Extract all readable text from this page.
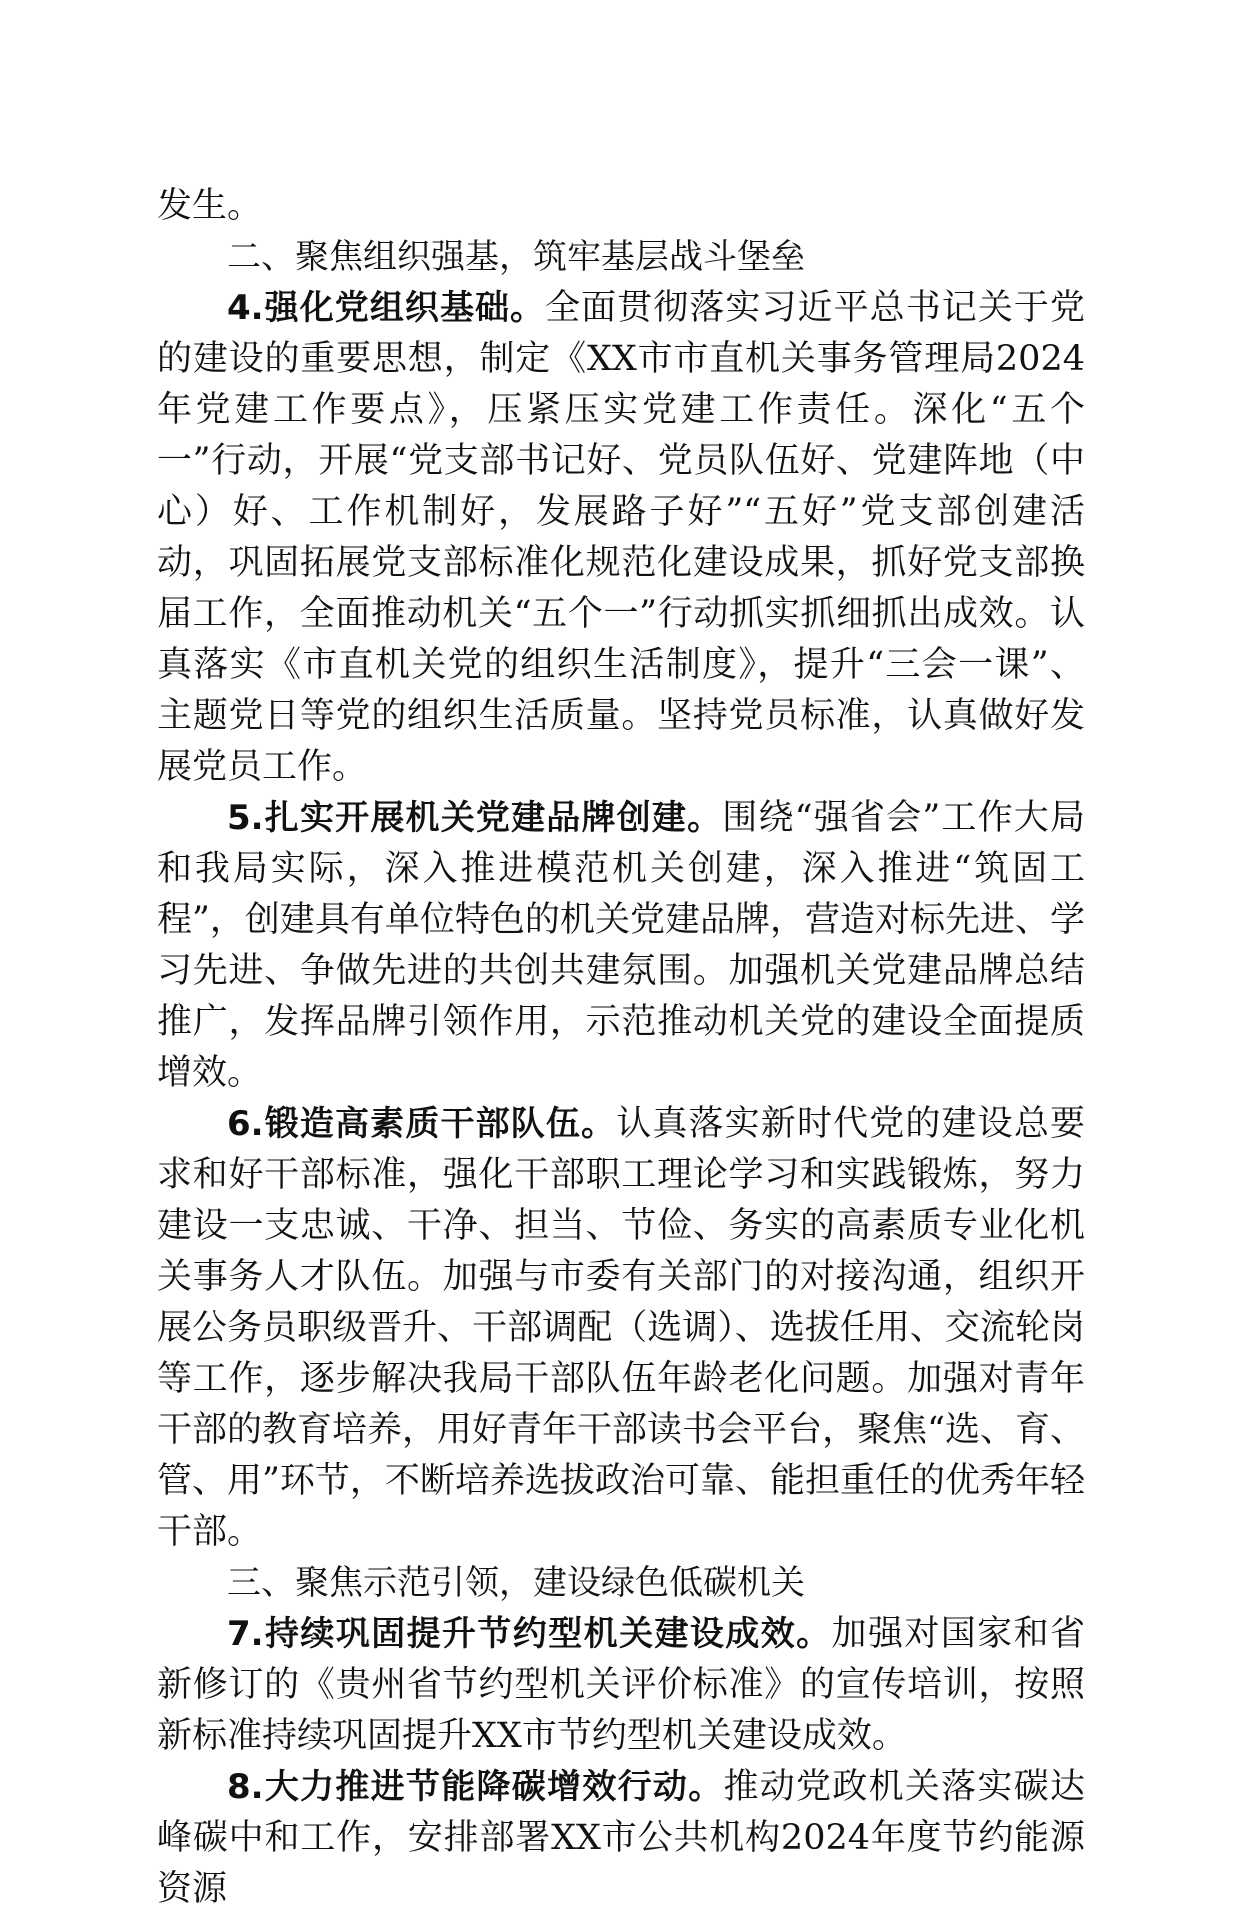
发生。

二、聚焦组织强基，筑牢基层战斗堡垒

4.强化党组织基础。全面贯彻落实习近平总书记关于党的建设的重要思想，制定《XX市市直机关事务管理局2024年党建工作要点》，压紧压实党建工作责任。深化“五个一”行动，开展“党支部书记好、党员队伍好、党建阵地（中心）好、工作机制好，发展路子好”“五好”党支部创建活动，巩固拓展党支部标准化规范化建设成果，抓好党支部换届工作，全面推动机关“五个一”行动抓实抓细抓出成效。认真落实《市直机关党的组织生活制度》，提升“三会一课”、主题党日等党的组织生活质量。坚持党员标准，认真做好发展党员工作。

5.扎实开展机关党建品牌创建。围绕“强省会”工作大局和我局实际，深入推进模范机关创建，深入推进“筑固工程”，创建具有单位特色的机关党建品牌，营造对标先进、学习先进、争做先进的共创共建氛围。加强机关党建品牌总结推广，发挥品牌引领作用，示范推动机关党的建设全面提质增效。

6.锻造高素质干部队伍。认真落实新时代党的建设总要求和好干部标准，强化干部职工理论学习和实践锻炼，努力建设一支忠诚、干净、担当、节俭、务实的高素质专业化机关事务人才队伍。加强与市委有关部门的对接沟通，组织开展公务员职级晋升、干部调配（选调）、选拔任用、交流轮岗等工作，逐步解决我局干部队伍年龄老化问题。加强对青年干部的教育培养，用好青年干部读书会平台，聚焦“选、育、管、用”环节，不断培养选拔政治可靠、能担重任的优秀年轻干部。

三、聚焦示范引领，建设绿色低碳机关

7.持续巩固提升节约型机关建设成效。加强对国家和省新修订的《贵州省节约型机关评价标准》的宣传培训，按照新标准持续巩固提升XX市节约型机关建设成效。

8.大力推进节能降碳增效行动。推动党政机关落实碳达峰碳中和工作，安排部署XX市公共机构2024年度节约能源资源
